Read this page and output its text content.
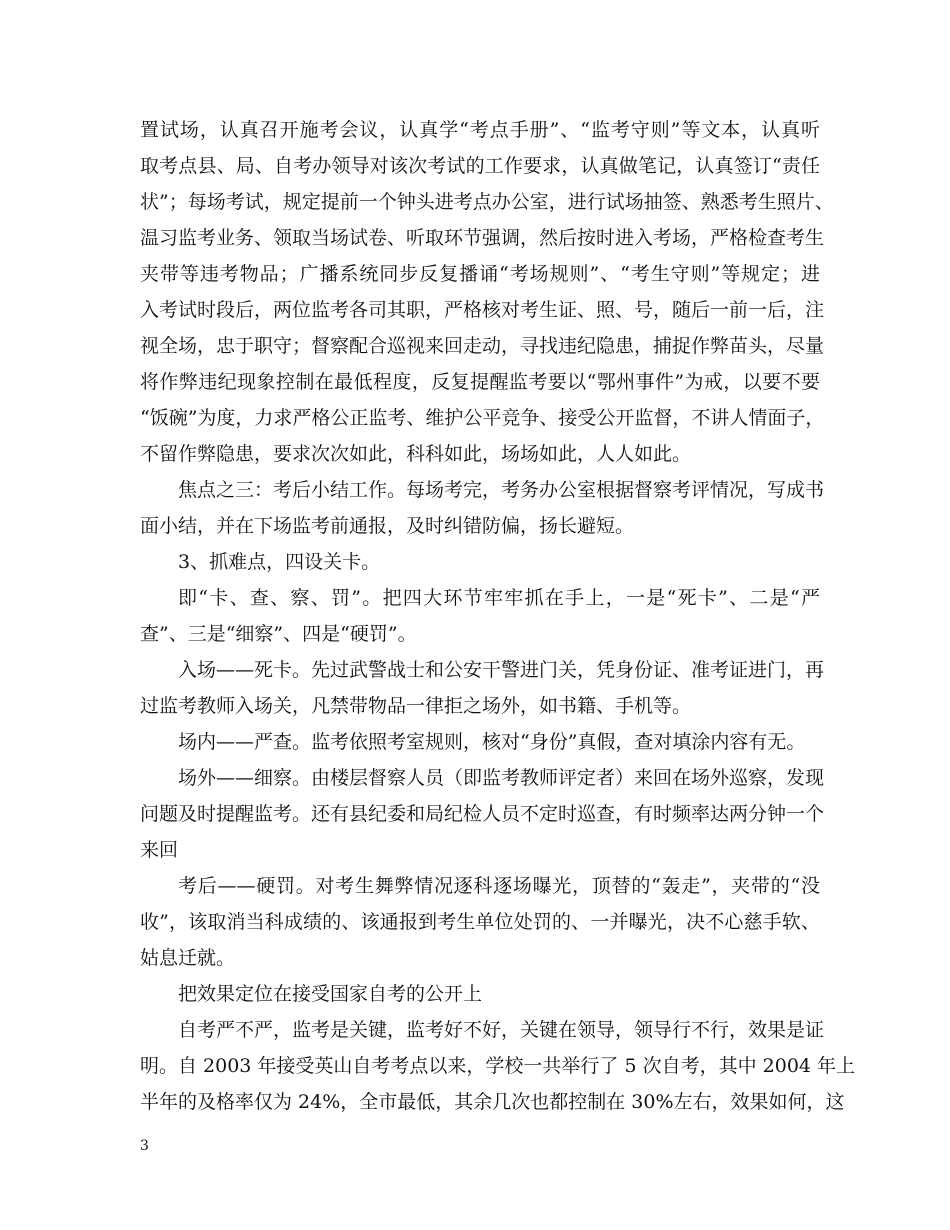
置试场，认真召开施考会议，认真学“考点手册”、“监考守则”等文本，认真听
取考点县、局、自考办领导对该次考试的工作要求，认真做笔记，认真签订“责任
状”；每场考试，规定提前一个钟头进考点办公室，进行试场抽签、熟悉考生照片、
温习监考业务、领取当场试卷、听取环节强调，然后按时进入考场，严格检查考生
夹带等违考物品；广播系统同步反复播诵“考场规则”、“考生守则”等规定；进
入考试时段后，两位监考各司其职，严格核对考生证、照、号，随后一前一后，注
视全场，忠于职守；督察配合巡视来回走动，寻找违纪隐患，捕捉作弊苗头，尽量
将作弊违纪现象控制在最低程度，反复提醒监考要以“鄂州事件”为戒，以要不要
“饭碗”为度，力求严格公正监考、维护公平竞争、接受公开监督，不讲人情面子，
不留作弊隐患，要求次次如此，科科如此，场场如此，人人如此。
焦点之三：考后小结工作。每场考完，考务办公室根据督察考评情况，写成书
面小结，并在下场监考前通报，及时纠错防偏，扬长避短。
3、抓难点，四设关卡。
即“卡、查、察、罚”。把四大环节牢牢抓在手上，一是“死卡”、二是“严
查”、三是“细察”、四是“硬罚”。
入场——死卡。先过武警战士和公安干警进门关，凭身份证、准考证进门，再
过监考教师入场关，凡禁带物品一律拒之场外，如书籍、手机等。
场内——严查。监考依照考室规则，核对“身份”真假，查对填涂内容有无。
场外——细察。由楼层督察人员（即监考教师评定者）来回在场外巡察，发现
问题及时提醒监考。还有县纪委和局纪检人员不定时巡查，有时频率达两分钟一个
来回
考后——硬罚。对考生舞弊情况逐科逐场曝光，顶替的“轰走”，夹带的“没
收”，该取消当科成绩的、该通报到考生单位处罚的、一并曝光，决不心慈手软、
姑息迁就。
把效果定位在接受国家自考的公开上
自考严不严，监考是关键，监考好不好，关键在领导，领导行不行，效果是证
明。自 2003 年接受英山自考考点以来，学校一共举行了 5 次自考，其中 2004 年上
半年的及格率仅为 24%，全市最低，其余几次也都控制在 30%左右，效果如何，这
3
